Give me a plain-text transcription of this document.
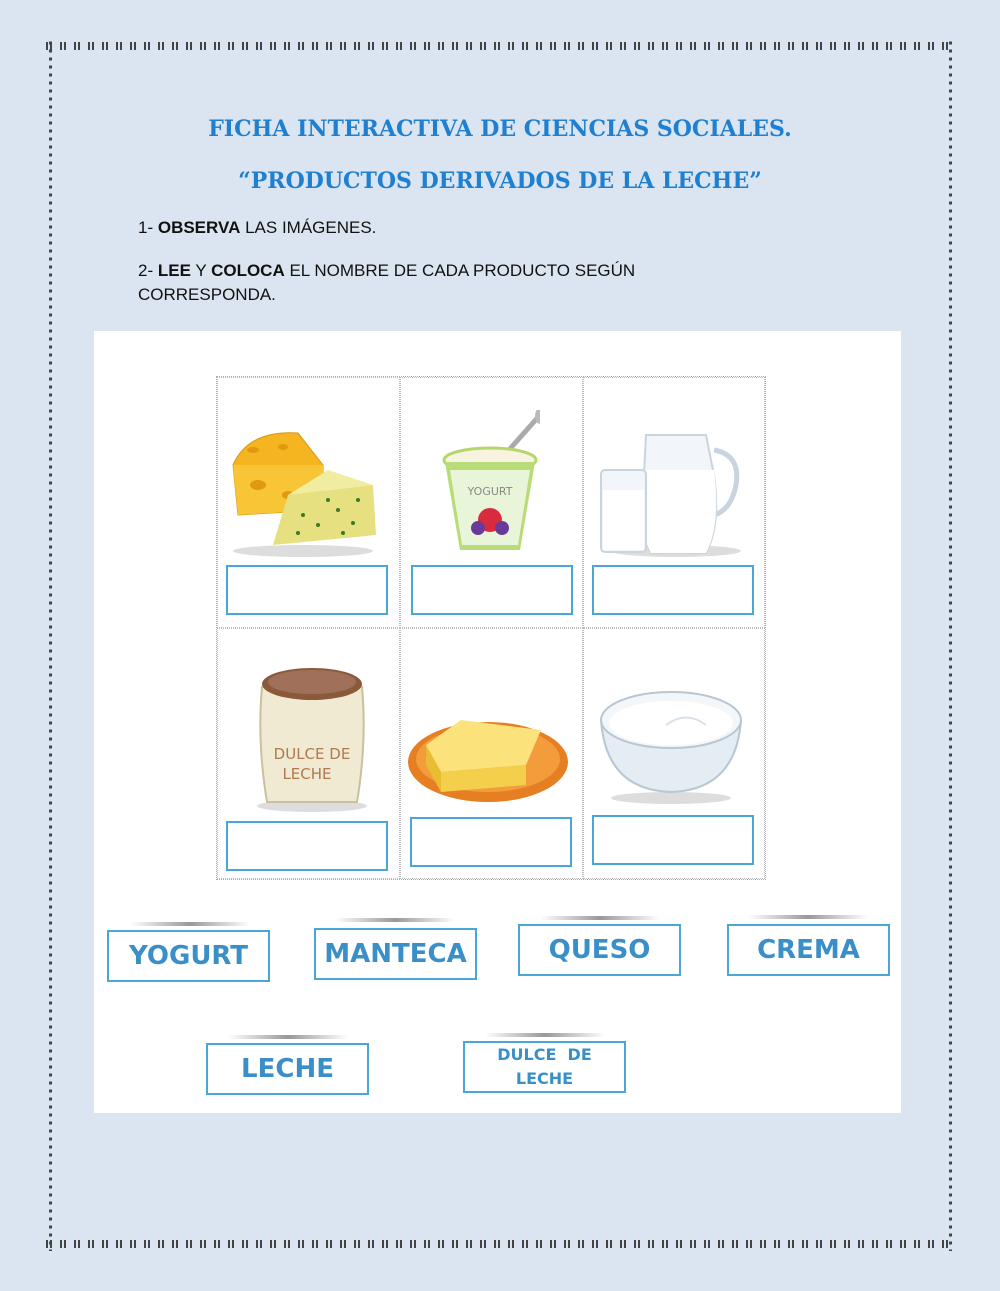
FICHA INTERACTIVA DE CIENCIAS SOCIALES.
“PRODUCTOS DERIVADOS DE LA LECHE”
1- OBSERVA LAS IMÁGENES.
2- LEE Y COLOCA EL NOMBRE DE CADA PRODUCTO SEGÚN
CORRESPONDA.
YOGURT
DULCE DE
LECHE
YOGURT	MANTECA	QUESO	CREMA
LECHE	DULCE  DE
LECHE
